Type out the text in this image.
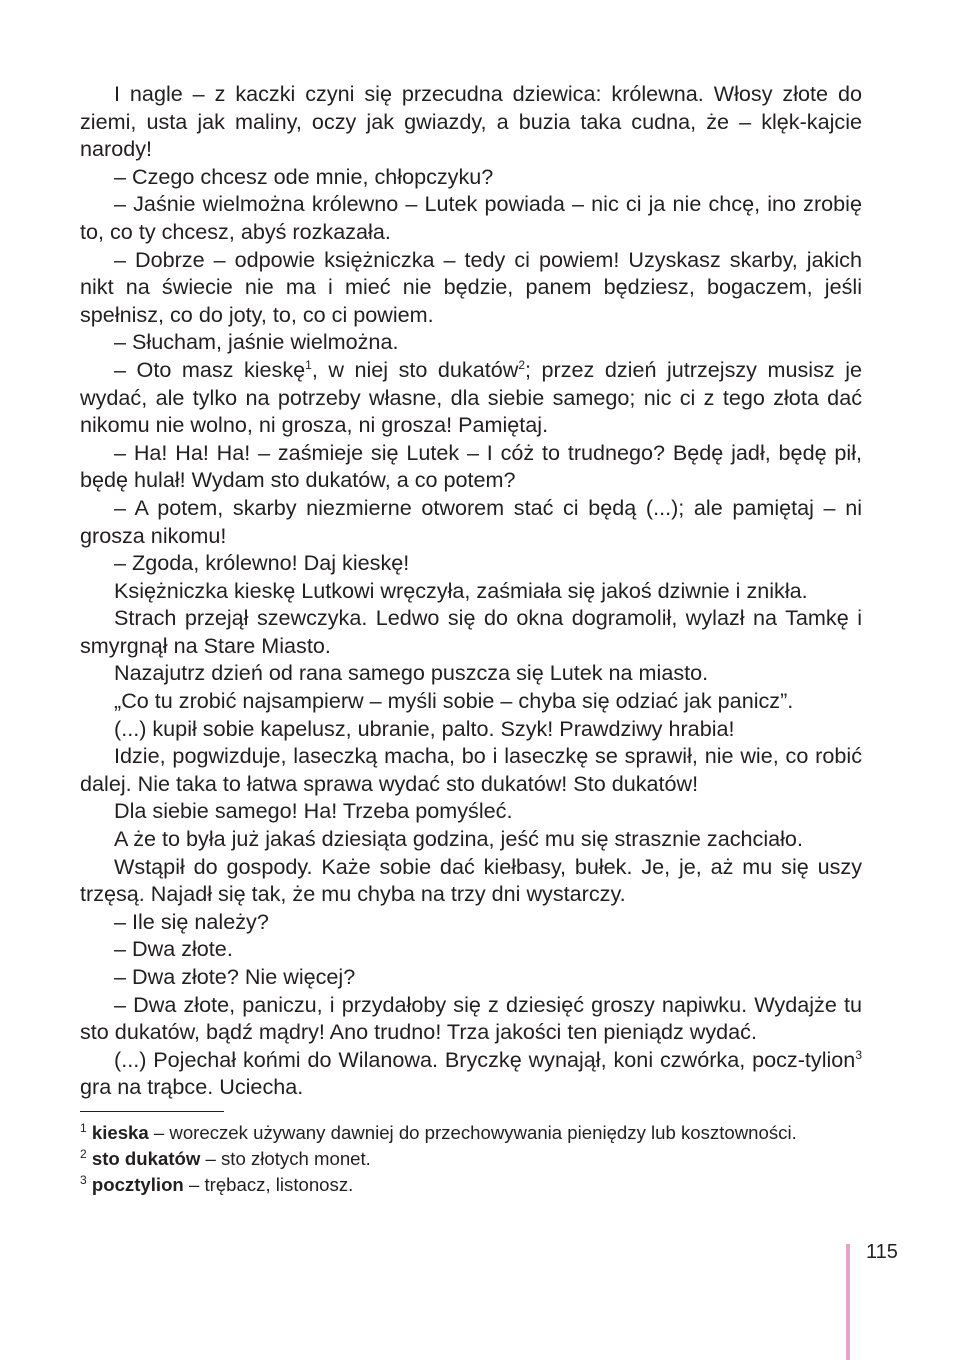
I nagle – z kaczki czyni się przecudna dziewica: królewna. Włosy złote do ziemi, usta jak maliny, oczy jak gwiazdy, a buzia taka cudna, że – klęk-kajcie narody!

– Czego chcesz ode mnie, chłopczyku?

– Jaśnie wielmożna królewno – Lutek powiada – nic ci ja nie chcę, ino zrobię to, co ty chcesz, abyś rozkazała.

– Dobrze – odpowie księżniczka – tedy ci powiem! Uzyskasz skarby, jakich nikt na świecie nie ma i mieć nie będzie, panem będziesz, bogaczem, jeśli spełnisz, co do joty, to, co ci powiem.

– Słucham, jaśnie wielmożna.

– Oto masz kieskę$^1$, w niej sto dukatów$^2$; przez dzień jutrzejszy musisz je wydać, ale tylko na potrzeby własne, dla siebie samego; nic ci z tego złota dać nikomu nie wolno, ni grosza, ni grosza! Pamiętaj.

– Ha! Ha! Ha! – zaśmieje się Lutek – I cóż to trudnego? Będę jadł, będę pił, będę hulał! Wydam sto dukatów, a co potem?

– A potem, skarby niezmierne otworem stać ci będą (...); ale pamiętaj – ni grosza nikomu!

– Zgoda, królewno! Daj kieskę!

Księżniczka kieskę Lutkowi wręczyła, zaśmiała się jakoś dziwnie i znikła.

Strach przejął szewczyka. Ledwo się do okna dogramolił, wylazł na Tamkę i smyrgnął na Stare Miasto.

Nazajutrz dzień od rana samego puszcza się Lutek na miasto.

„Co tu zrobić najsampierw – myśli sobie – chyba się odziać jak panicz”.

(...) kupił sobie kapelusz, ubranie, palto. Szyk! Prawdziwy hrabia!

Idzie, pogwizduje, laseczką macha, bo i laseczkę se sprawił, nie wie, co robić dalej. Nie taka to łatwa sprawa wydać sto dukatów! Sto dukatów!

Dla siebie samego! Ha! Trzeba pomyśleć.

A że to była już jakaś dziesiąta godzina, jeść mu się strasznie zachciało.

Wstąpił do gospody. Każe sobie dać kiełbasy, bułek. Je, je, aż mu się uszy trzęsą. Najadł się tak, że mu chyba na trzy dni wystarczy.

– Ile się należy?

– Dwa złote.

– Dwa złote? Nie więcej?

– Dwa złote, paniczu, i przydałoby się z dziesięć groszy napiwku. Wydajże tu sto dukatów, bądź mądry! Ano trudno! Trza jakości ten pieniądz wydać.

(...) Pojechał końmi do Wilanowa. Bryczkę wynajął, koni czwórka, pocz-tylion$^3$ gra na trąbce. Uciecha.

$^1$ kieska – woreczek używany dawniej do przechowywania pieniędzy lub kosztowności.

$^2$ sto dukatów – sto złotych monet.

$^3$ pocztylion – trębacz, listonosz.

115
